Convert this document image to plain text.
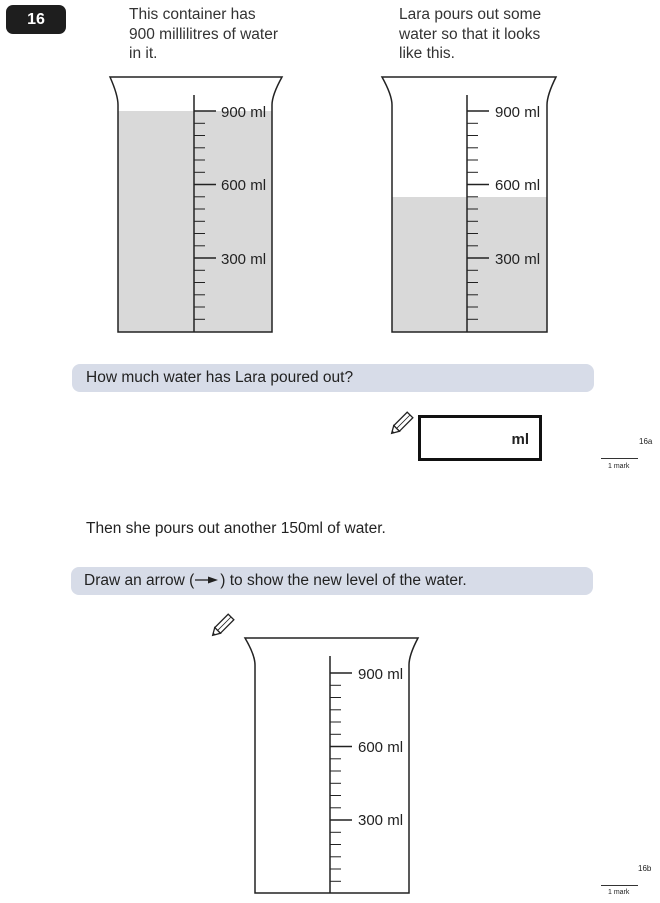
16	This container has 900 millilitres of water in it.
Lara pours out some water so that it looks like this.
900 ml
600 ml
300 ml
900 ml
600 ml
300 ml
900 ml
600 ml
300 ml
How much water has Lara poured out?
ml	16a
1 mark
Then she pours out another 150ml of water.
Draw an arrow ( ) to show the new level of the water.
16b
1 mark
